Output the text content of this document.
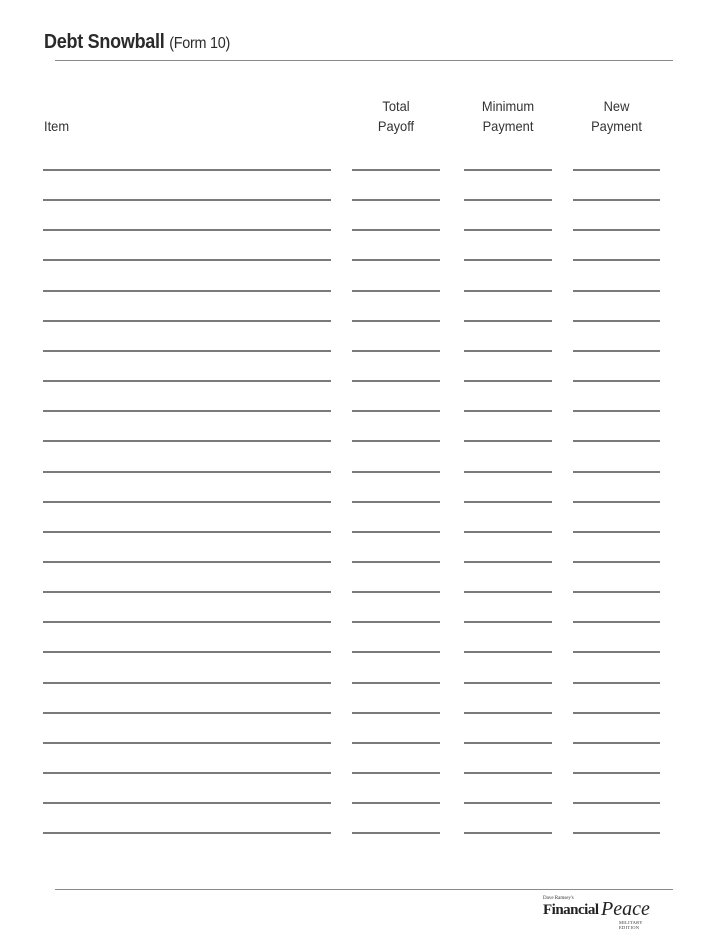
Debt Snowball (Form 10)

Item
Total
Payoff
Minimum
Payment
New
Payment
Dave Ramsey's
Financial Peace
MILITARY EDITION
